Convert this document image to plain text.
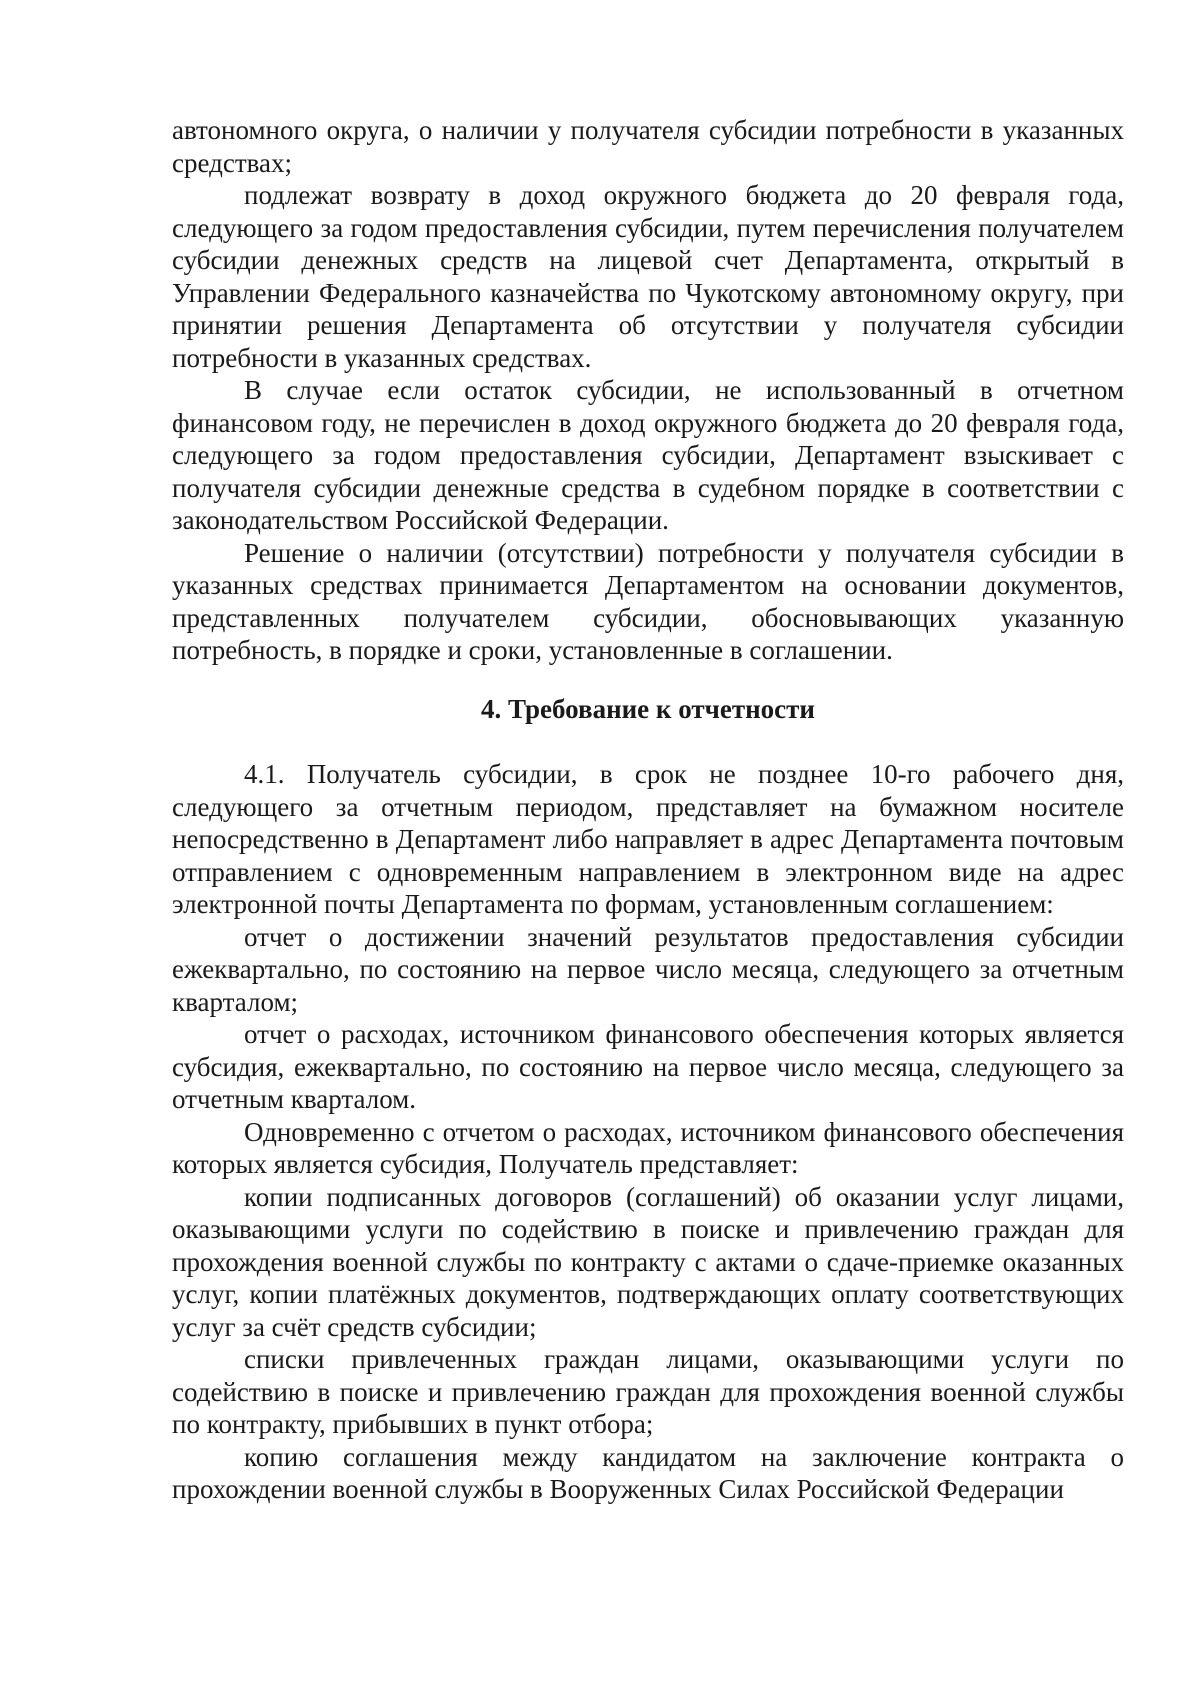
автономного округа, о наличии у получателя субсидии потребности в указанных средствах;

подлежат возврату в доход окружного бюджета до 20 февраля года, следующего за годом предоставления субсидии, путем перечисления получателем субсидии денежных средств на лицевой счет Департамента, открытый в Управлении Федерального казначейства по Чукотскому автономному округу, при принятии решения Департамента об отсутствии у получателя субсидии потребности в указанных средствах.

В случае если остаток субсидии, не использованный в отчетном финансовом году, не перечислен в доход окружного бюджета до 20 февраля года, следующего за годом предоставления субсидии, Департамент взыскивает с получателя субсидии денежные средства в судебном порядке в соответствии с законодательством Российской Федерации.

Решение о наличии (отсутствии) потребности у получателя субсидии в указанных средствах принимается Департаментом на основании документов, представленных получателем субсидии, обосновывающих указанную потребность, в порядке и сроки, установленные в соглашении.

4. Требование к отчетности

4.1. Получатель субсидии, в срок не позднее 10-го рабочего дня, следующего за отчетным периодом, представляет на бумажном носителе непосредственно в Департамент либо направляет в адрес Департамента почтовым отправлением с одновременным направлением в электронном виде на адрес электронной почты Департамента по формам, установленным соглашением:

отчет о достижении значений результатов предоставления субсидии ежеквартально, по состоянию на первое число месяца, следующего за отчетным кварталом;

отчет о расходах, источником финансового обеспечения которых является субсидия, ежеквартально, по состоянию на первое число месяца, следующего за отчетным кварталом.

Одновременно с отчетом о расходах, источником финансового обеспечения которых является субсидия, Получатель представляет:

копии подписанных договоров (соглашений) об оказании услуг лицами, оказывающими услуги по содействию в поиске и привлечению граждан для прохождения военной службы по контракту с актами о сдаче-приемке оказанных услуг, копии платёжных документов, подтверждающих оплату соответствующих услуг за счёт средств субсидии;

списки привлеченных граждан лицами, оказывающими услуги по содействию в поиске и привлечению граждан для прохождения военной службы по контракту, прибывших в пункт отбора;

копию соглашения между кандидатом на заключение контракта о прохождении военной службы в Вооруженных Силах Российской Федерации
